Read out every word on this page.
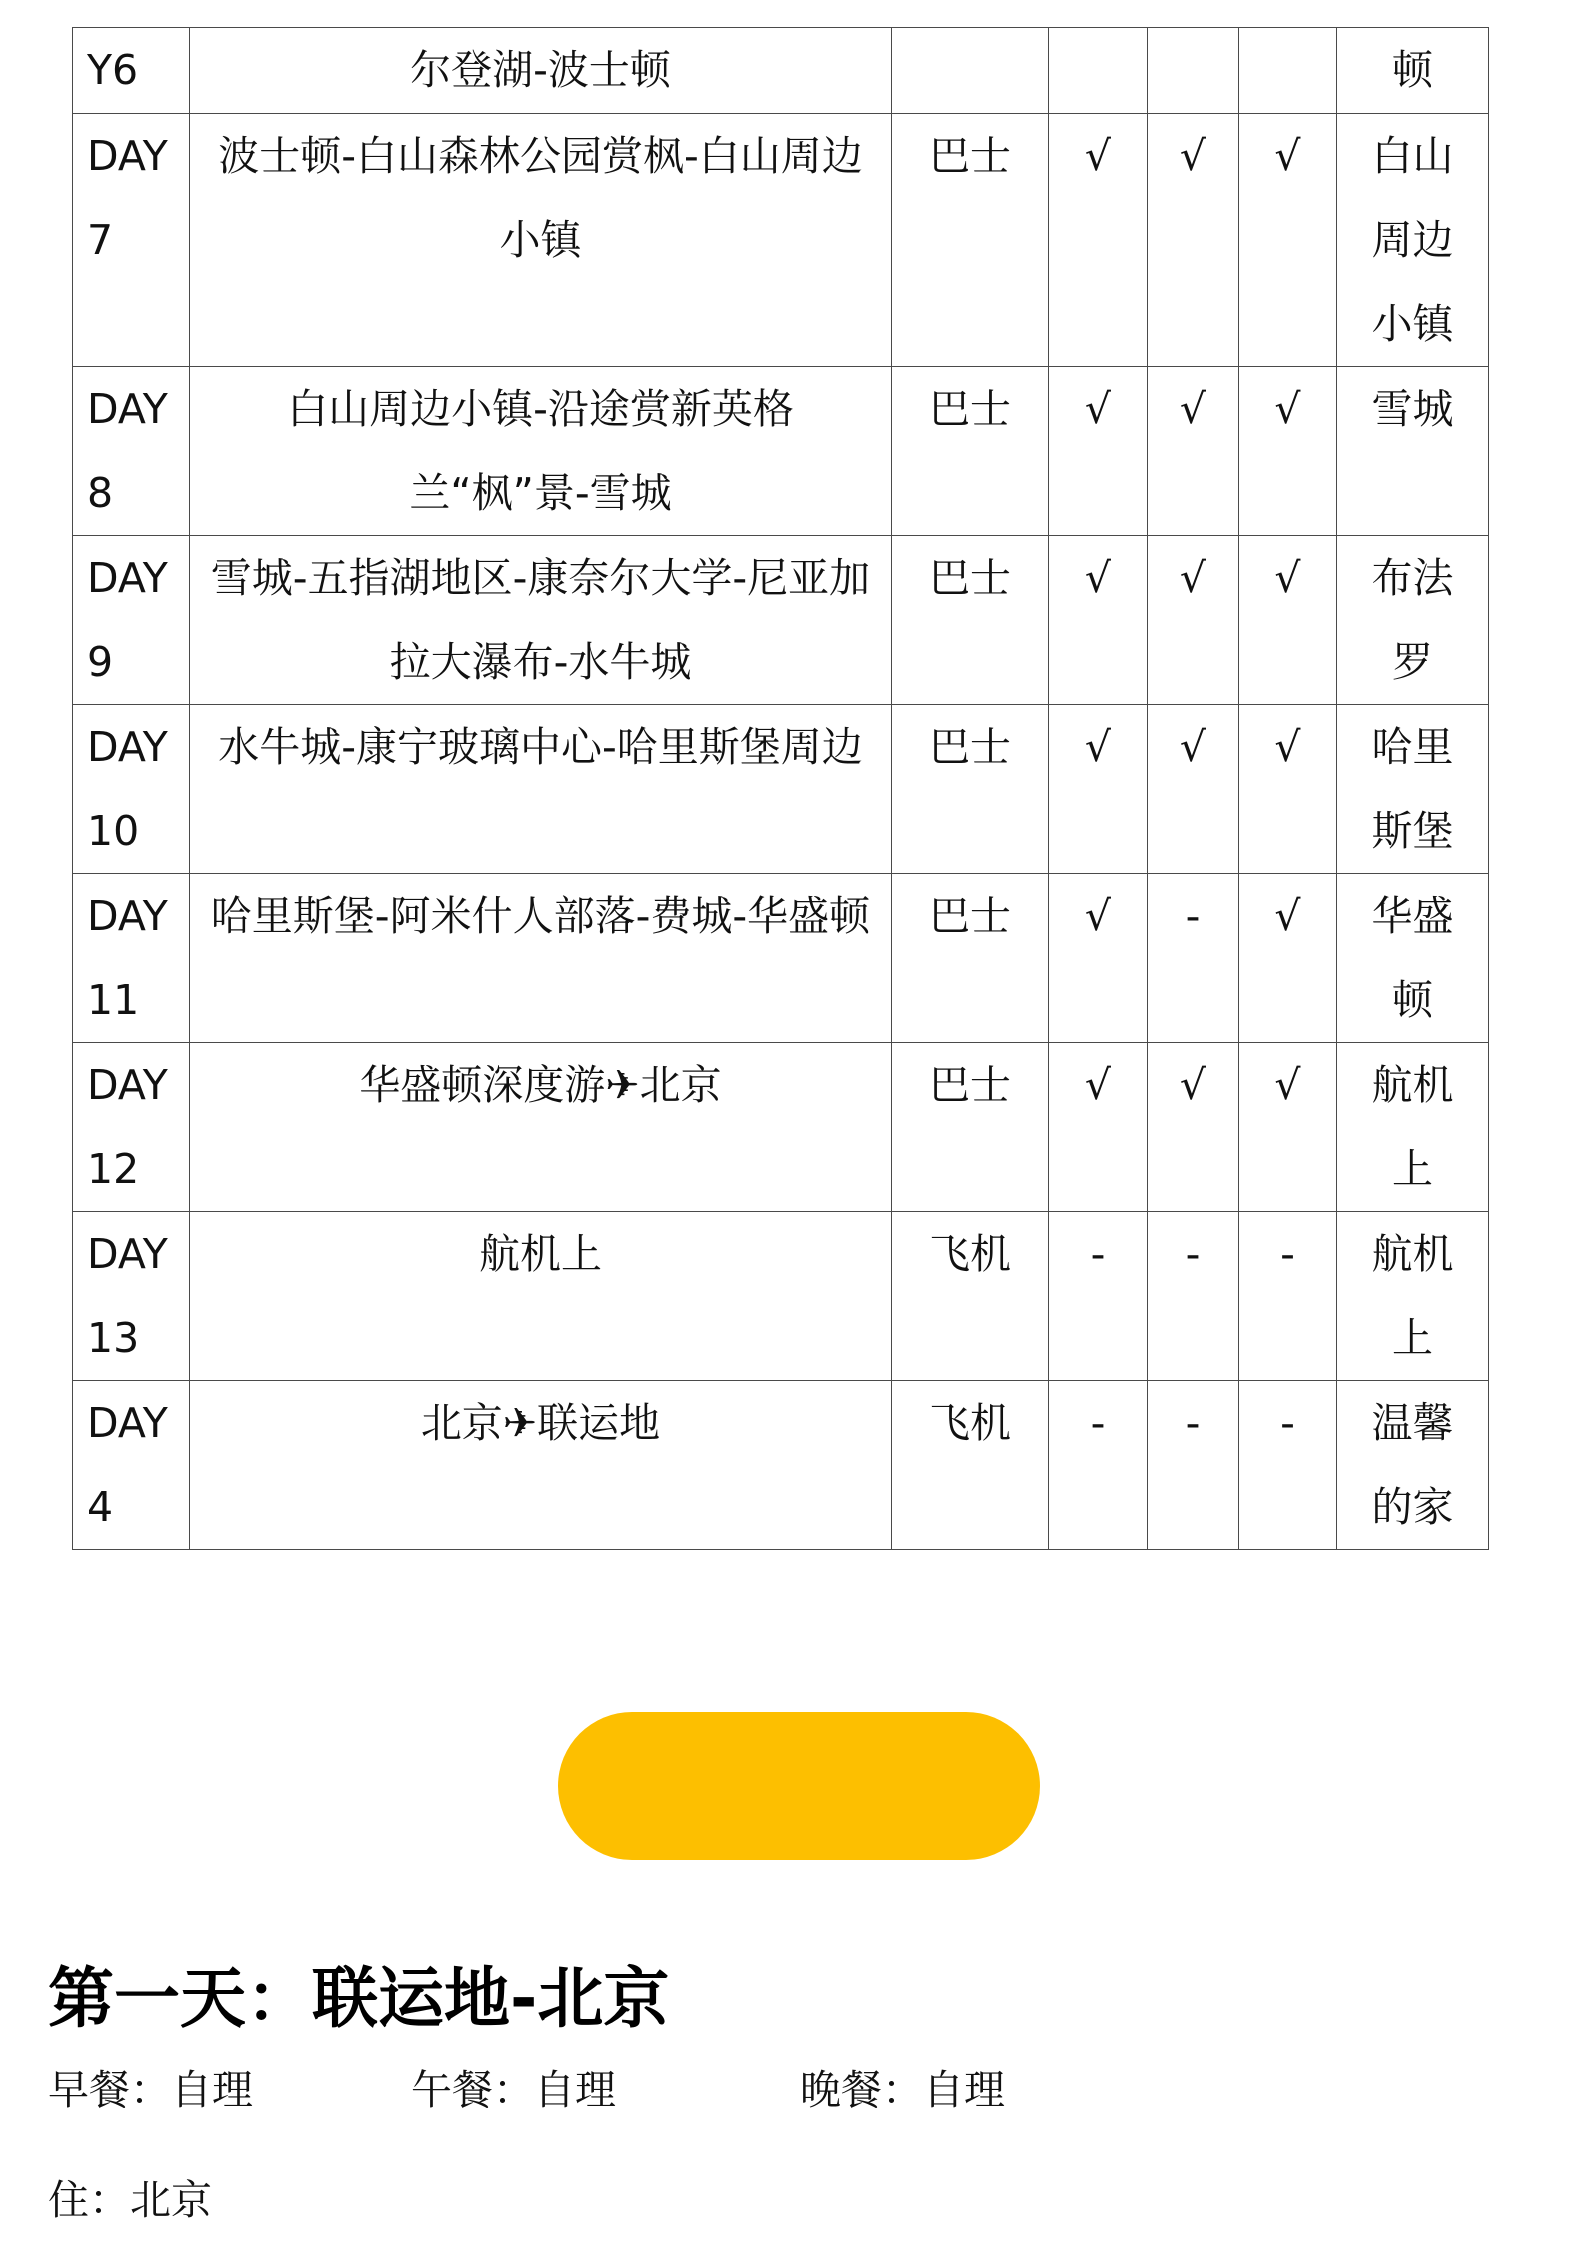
Y6	尔登湖-波士顿					顿
DAY7	波士顿-白山森林公园赏枫-白山周边小镇	巴士	√	√	√	白山周边小镇
DAY8	白山周边小镇-沿途赏新英格兰“枫”景-雪城	巴士	√	√	√	雪城
DAY9	雪城-五指湖地区-康奈尔大学-尼亚加拉大瀑布-水牛城	巴士	√	√	√	布法罗
DAY10	水牛城-康宁玻璃中心-哈里斯堡周边	巴士	√	√	√	哈里斯堡
DAY11	哈里斯堡-阿米什人部落-费城-华盛顿	巴士	√	-	√	华盛顿
DAY12	华盛顿深度游✈北京	巴士	√	√	√	航机上
DAY13	航机上	飞机	-	-	-	航机上
DAY4	北京✈联运地	飞机	-	-	-	温馨的家
第一天：联运地-北京
早餐：自理	午餐：自理	晚餐：自理
住：北京
